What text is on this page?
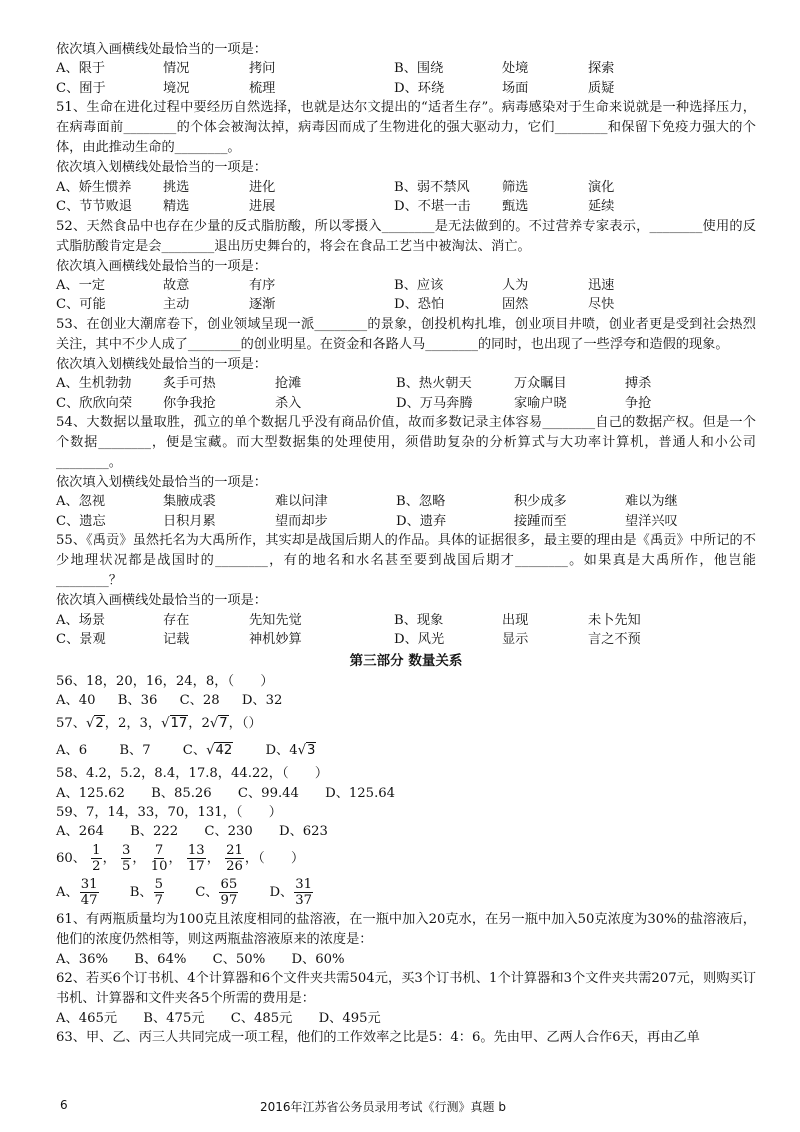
依次填入画横线处最恰当的一项是：
A、限于	情况	拷问	B、围绕	处境	探索
C、囿于	境况	梳理	D、环绕	场面	质疑
51、生命在进化过程中要经历自然选择，也就是达尔文提出的“适者生存”。病毒感染对于生命来说就是一种选择压力，在病毒面前________的个体会被淘汰掉，病毒因而成了生物进化的强大驱动力，它们________和保留下免疫力强大的个体，由此推动生命的________。
依次填入划横线处最恰当的一项是：
A、娇生惯养	挑选	进化	B、弱不禁风	筛选	演化
C、节节败退	精选	进展	D、不堪一击	甄选	延续
52、天然食品中也存在少量的反式脂肪酸，所以零摄入________是无法做到的。不过营养专家表示，________使用的反式脂肪酸肯定是会________退出历史舞台的，将会在食品工艺当中被淘汰、消亡。
依次填入画横线处最恰当的一项是：
A、一定	故意	有序	B、应该	人为	迅速
C、可能	主动	逐渐	D、恐怕	固然	尽快
53、在创业大潮席卷下，创业领域呈现一派________的景象，创投机构扎堆，创业项目井喷，创业者更是受到社会热烈关注，其中不少人成了________的创业明星。在资金和各路人马________的同时，也出现了一些浮夸和造假的现象。
依次填入划横线处最恰当的一项是：
A、生机勃勃	炙手可热	抢滩	B、热火朝天	万众瞩目	搏杀
C、欣欣向荣	你争我抢	杀入	D、万马奔腾	家喻户晓	争抢
54、大数据以量取胜，孤立的单个数据几乎没有商品价值，故而多数记录主体容易________自己的数据产权。但是一个个数据________，便是宝藏。而大型数据集的处理使用，须借助复杂的分析算式与大功率计算机，普通人和小公司________。
依次填入划横线处最恰当的一项是：
A、忽视	集腋成裘	难以问津	B、忽略	积少成多	难以为继
C、遗忘	日积月累	望而却步	D、遗弃	接踵而至	望洋兴叹
55、《禹贡》虽然托名为大禹所作，其实却是战国后期人的作品。具体的证据很多，最主要的理由是《禹贡》中所记的不少地理状况都是战国时的________，有的地名和水名甚至要到战国后期才________。如果真是大禹所作，他岂能________？
依次填入画横线处最恰当的一项是：
A、场景	存在	先知先觉	B、现象	出现	未卜先知
C、景观	记载	神机妙算	D、风光	显示	言之不预
第三部分 数量关系
56、18，20，16，24，8，（　　）
A、40 B、36 C、28 D、32
57、√2，2，3，√17，2√7，（）
A、6 B、7 C、√42	D、4√3
58、4.2，5.2，8.4，17.8，44.22，（　　）
A、125.62 B、85.26 C、99.44 D、125.64
59、7，14，33，70，131，（　　）
A、264 B、222 C、230 D、623
60、 $\frac{1}{2}$ ， $\frac{3}{5}$ ， $\frac{7}{10}$ ， $\frac{13}{17}$ ， $\frac{21}{26}$ ，（　　）
A、 $\frac{31}{47}$ B、 $\frac{5}{7}$ C、 $\frac{65}{97}$ D、 $\frac{31}{37}$
61、有两瓶质量均为100克且浓度相同的盐溶液，在一瓶中加入20克水，在另一瓶中加入50克浓度为30%的盐溶液后，他们的浓度仍然相等，则这两瓶盐溶液原来的浓度是：
A、36% B、64% C、50% D、60%
62、若买6个订书机、4个计算器和6个文件夹共需504元，买3个订书机、1个计算器和3个文件夹共需207元，则购买订书机、计算器和文件夹各5个所需的费用是：
A、465元 B、475元 C、485元 D、495元
63、甲、乙、丙三人共同完成一项工程，他们的工作效率之比是5：4：6。先由甲、乙两人合作6天，再由乙单
6	2016年江苏省公务员录用考试《行测》真题 b
